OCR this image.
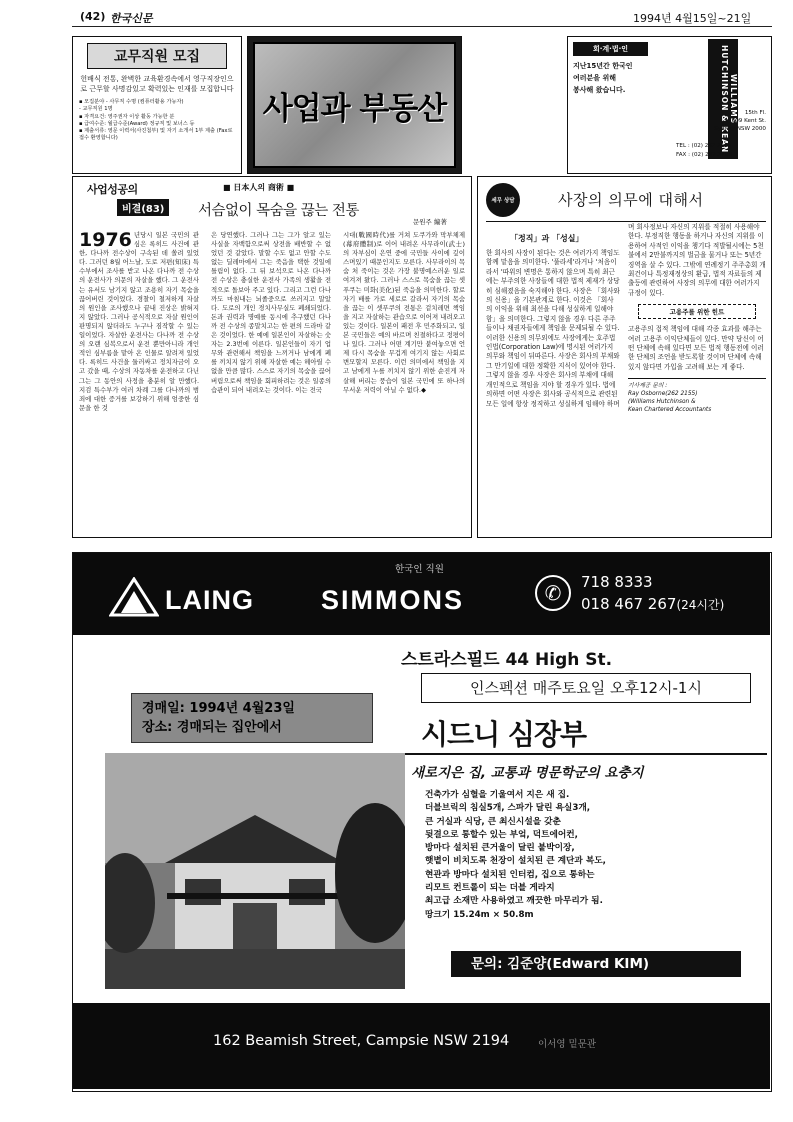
(42) 한국신문	1994년 4월15일~21일
교무직원 모집
헌배식 전통, 완벽한 교육환경속에서 영구직장인으로 근무할 사명감있고 확력있는 인재를 모집합니다
▪ 모집분야 - 사무직 수명 (컴퓨터활용 가능자)
- 교무직원 1명
▪ 자격요건: 영주권자 이상 활동 가능한 분
▪ 급여수준: 월급수준(Award) 정규직 및 보너스 등
▪ 제출서류: 영문 이력서(사진첨부) 및 자기 소개서 1부 제출 (Fax로 접수 환영합니다)
사업과 부동산
회·계·법·인
지난15년간 한국인
여러분을 위해
봉사해 왔습니다.	WILLIAMS HUTCHINSON & KEAN	15th Fl.
309 Kent St.
Sydney NSW 2000
TEL : (02) 262 2155
FAX : (02) 262 2190
사업성공의
비결(83)
■ 日本人의 商術 ■
서슴없이 목숨을 끊는 전통
문원주 編著

1976 년당시 일본 국민의 관심은 록히드 사건에 관한, 다나까 전수상이 구속된 데 쏠려 있었다. 그러던 8월 어느날, 도로 저편(知床) 특수부에서 조사를 받고 나온 다나까 전 수상의 운전사가 의문의 자살을 했다. 그 운전사는 유서도 남기지 않고 조용히 자기 목숨을 끊어버린 것이었다. 경찰이 철저하게 자살의 원인을 조사했으나 끝내 진상은 밝혀지지 않았다. 그러나 공식적으로 자살 원인이 판명되지 않더라도 누구나 짐작할 수 있는 일이었다. 자살한 운전사는 다나까 전 수상의 오랜 심복으로서 운전 뿐만아니라 개인적인 심부름을 맡아 온 인물로 알려져 있었다. 록히드 사건을 둘러싸고 정치자금이 오고 갔을 때, 수상의 자동차를 운전하고 다닌 그는 그 동안의 사정을 충분히 알 만했다. 지검 특수부가 여러 차례 그를 다나까의 범죄에 대한 증거를 보강하기 위해 엄중한 심문을 한 것

은 당연했다. 그러나 그는 그가 알고 있는 사실을 자백함으로써 상전을 배반할 수 없었던 것 같았다. 말할 수도 없고 안할 수도 없는 딜레마에서 그는 죽음을 택한 것일에 틀림이 없다. 그 뒤 보석으로 나온 다나까 전 수상은 충실한 운전사 가족의 생활을 전적으로 돌보아 주고 있다. 그리고 그런 다나까도 마침내는 뇌졸중으로 쓰러지고 말았다. 도로의 개인 경치사무실도 폐쇄되었다. 돈과 권력과 명예를 동시에 추구했던 다나까 전 수상의 종말치고는 한 편의 드라마 같은 것이었다. 한 예에 일본인이 자살하는 숫자는 2.3번에 이른다. 일본인들이 자기 업무와 관련해서 책임을 느끼거나 남에게 폐를 끼치지 않기 위해 자살한 예는 헤아릴 수 없을 만큼 많다. 스스로 자기의 목숨을 끊어버림으로써 책임을 회피하려는 것은 일종의 습관이 되어 내려오는 것이다. 이는 전국

시대(戰國時代)를 거쳐 도쿠가와 막부체제(幕府體制)로 이어 내려온 사무라이(武士)의 자부심이 은연 중에 국민들 사이에 깊이 스며있기 때문인지도 모른다. 사무라이의 목숨 처 죽이는 것은 가장 불명예스러운 일로 여겨져 왔다. 그러나 스스로 목숨을 끊는 셋푸쿠는 미화(美化)된 죽음을 의미한다. 할로 자기 배를 가로 세로로 갈라서 자기의 목숨을 끊는 이 셋푸쿠의 전통은 겉치레면 책임을 지고 자살하는 관습으로 이어져 내려오고 있는 것이다. 일본이 패전 후 민주화되고, 일본 국민들은 예의 바르며 친절하다고 정평이 나 있다. 그러나 어떤 계기만 붙여놓으면 언제 다시 목숨을 무겁게 여기지 않는 사회로 변모할지 모른다. 이런 의미에서 책임을 지고 남에게 누를 끼치지 않기 위한 순진게 자살해 버리는 풍습이 일본 국민에 또 하나의 무서운 저력이 아닐 수 없다.◆

세무 상담	사장의 의무에 대해서
「정직」과 「성실」

한 회사의 사장이 된다는 것은 여러가지 책임도 함께 맡음을 의미한다. '풀라세'라거나 '처음이라서 '따위의 변명은 통하지 않으며 특히 최근에는 부주의한 사장들에 대한 법적 제재가 상당히 심해졌음을 숙지해야 한다. 사장은 「회사와의 신용」을 기본관계로 한다. 이것은 「회사의 이익을 위해 최선을 다해 성실하게 일해야 함」을 의미한다. 그렇지 않을 경우 다른 주주들이나 채권자들에게 책임을 문제되될 수 있다. 이러한 신용의 의무외에도 사장에게는 호주법인법(Corporation Law)에 명시된 여러가지 의무와 책임이 뒤따른다. 사장은 회사의 부채와 그 만기일에 대한 정확한 지식이 있어야 한다. 그렇지 않을 경우 사장은 회사의 부채에 대해 개인적으로 책임을 지야 할 경우가 있다. 법에 의하면 어떤 사장은 회사와 공식적으로 관련된 모든 일에 항상 정직하고 성실하게 임해야 하며

며 회사정보나 자신의 지위를 적절히 사용해야 한다. 부정직한 행동을 하거나 자신의 지위를 이용하여 사적인 이익을 챙기다 적발될시에는 5천불에서 2만불까지의 벌금을 물거나 또는 5년간 징역을 살 수 있다. 그밖에 연례정기 주주총회 개최건이나 특정재정상의 환급, 법적 자료들의 제출등에 관련하여 사장의 의무에 대한 여러가지 규정이 있다.

고용주를 위한 힌트

고용주의 접적 책임에 대해 각종 효과를 해주는 여러 고용주 이익단체들이 있다. 만약 당신이 어떤 단체에 속해 있다면 모든 법적 행동전에 이러한 단체의 조언을 받도록할 것이며 단체에 속해있지 않다면 가입을 고려해 보는 게 좋다.

기사제공 문의 :
Ray Osborne(262 2155)
(Williams Hutchinson &
Kean Chartered Accountants
한국인 직원
LAING SIMMONS	✆	718 8333
018 467 267(24시간)
스트라스필드 44 High St.
인스펙션 매주토요일 오후12시-1시
경매일: 1994년 4월23일
장소: 경매되는 집안에서	시드니 심장부
새로지은 집, 교통과 명문학군의 요충지
건축가가 심혈을 기울여서 지은 새 집.
더블브릭의 침실5개, 스파가 달린 욕실3개,
큰 거실과 식당, 큰 최신시설을 갖춘
뒷결으로 통할수 있는 부엌, 덕트에어컨,
방마다 설치된 큰거울이 달린 붙박이장,
햇볕이 비치도록 천장이 설치된 큰 계단과 복도,
현관과 방마다 설치된 인터컴, 집으로 통하는
리모트 컨트롤이 되는 더블 게라지
최고급 소재만 사용하였고 깨끗한 마무리가 됨.
땅크기 15.24m × 50.8m
문의: 김준양(Edward KIM)
162 Beamish Street, Campsie NSW 2194	이서영 밑문관
